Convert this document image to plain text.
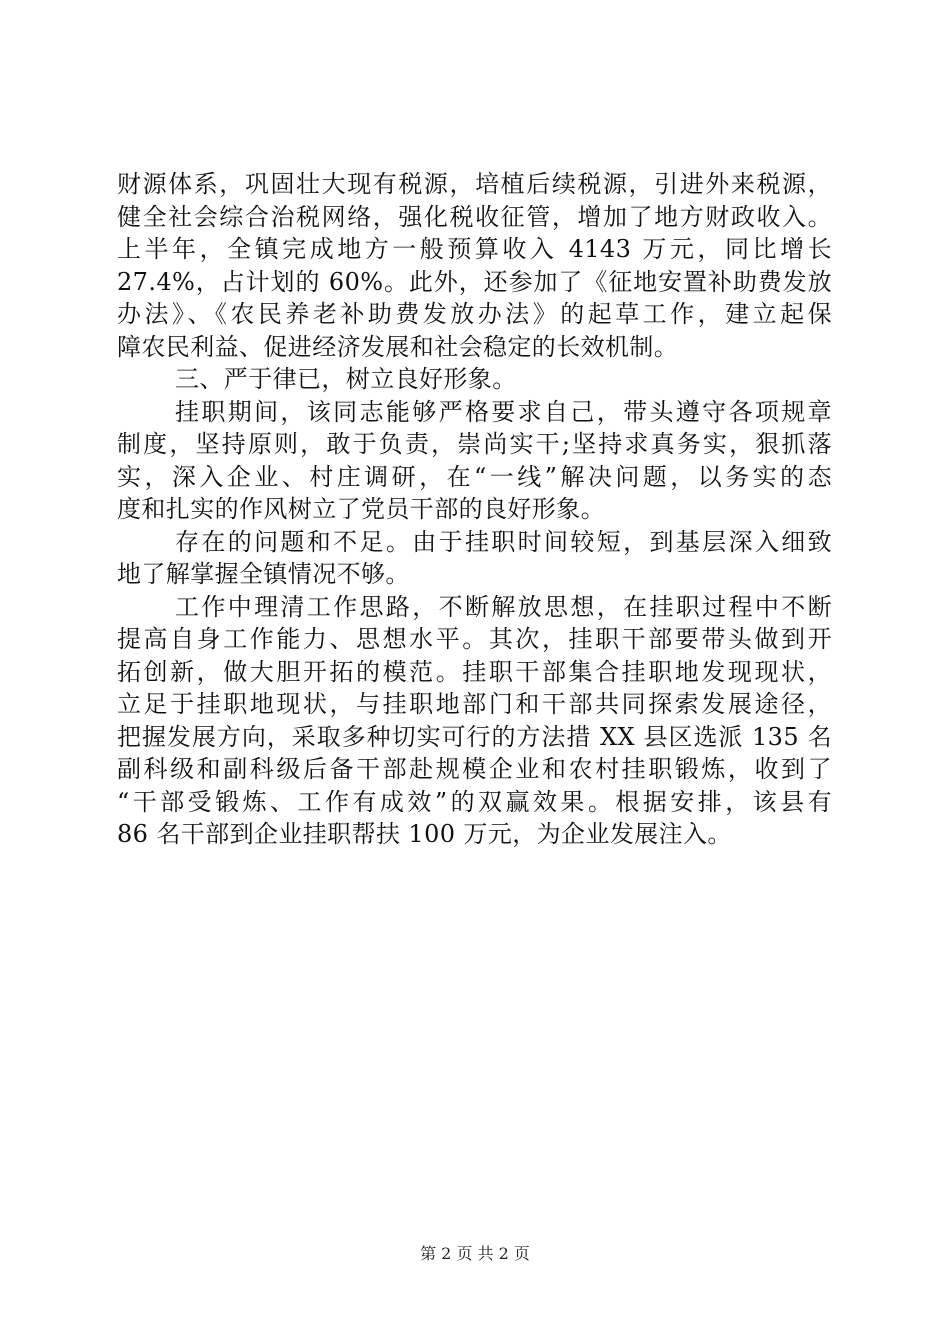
财源体系，巩固壮大现有税源，培植后续税源，引进外来税源，
健全社会综合治税网络，强化税收征管，增加了地方财政收入。
上半年，全镇完成地方一般预算收入 4143 万元，同比增长
27.4%，占计划的 60%。此外，还参加了《征地安置补助费发放
办法》、《农民养老补助费发放办法》的起草工作，建立起保
障农民利益、促进经济发展和社会稳定的长效机制。
三、严于律已，树立良好形象。
挂职期间，该同志能够严格要求自己，带头遵守各项规章
制度，坚持原则，敢于负责，崇尚实干;坚持求真务实，狠抓落
实，深入企业、村庄调研，在“一线”解决问题，以务实的态
度和扎实的作风树立了党员干部的良好形象。
存在的问题和不足。由于挂职时间较短，到基层深入细致
地了解掌握全镇情况不够。
工作中理清工作思路，不断解放思想，在挂职过程中不断
提高自身工作能力、思想水平。其次，挂职干部要带头做到开
拓创新，做大胆开拓的模范。挂职干部集合挂职地发现现状，
立足于挂职地现状，与挂职地部门和干部共同探索发展途径，
把握发展方向，采取多种切实可行的方法措 XX 县区选派 135 名
副科级和副科级后备干部赴规模企业和农村挂职锻炼，收到了
“干部受锻炼、工作有成效”的双赢效果。根据安排，该县有
86 名干部到企业挂职帮扶 100 万元，为企业发展注入。
第 2 页 共 2 页
